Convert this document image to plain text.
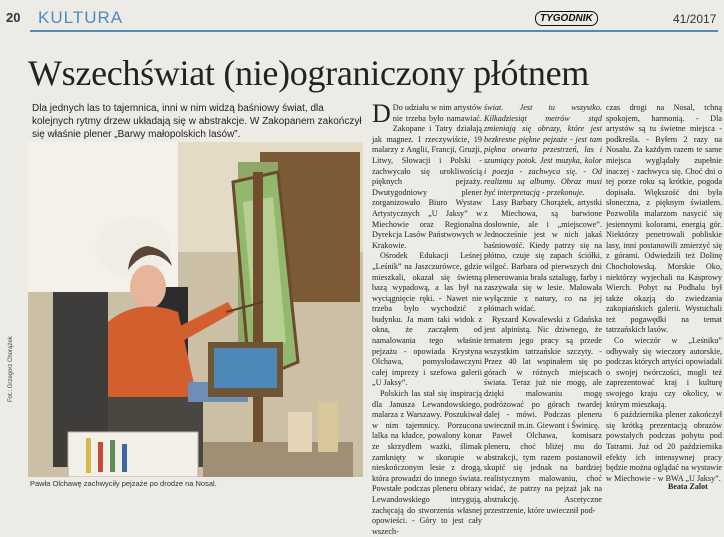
20 KULTURA	TYGODNIK	41/2017
Wszechświat (nie)ograniczony płótnem

Dla jednych las to tajemnica, inni w nim widzą baśniowy świat, dla kolejnych rytmy drzew układają się w abstrakcje. W Zakopanem zakończył się właśnie plener „Barwy małopolskich lasów”.

Fot.: Grzegorz Chorążek
Pawła Olchawę zachwyciły pejzaże po drodze na Nosal.

D Do udziału w nim artystów nie trzeba było namawiać. Zakopane i Tatry działają jak magnez. I rzeczywiście, 19 malarzy z Anglii, Francji, Gruzji, Litwy, Słowacji i Polski - zachwycało się urokliwością pięknych pejzaży. Dwutygodniowy plener zorganizowało Biuro Wystaw Artystycznych „U Jaksy” w Miechowie oraz Regionalna Dyrekcja Lasów Państwowych w Krakowie.

Ośrodek Edukacji Leśnej „Leśnik” na Jaszczurówce, gdzie mieszkali, okazał się świetną bazą wypadową, a las był na wyciągnięcie ręki. - Nawet nie trzeba było wychodzić z budynku. Ja mam taki widok z okna, że zacząłem od namalowania tego właśnie pejzażu - opowiada Krystyna Olchawa, pomysłodawczyni całej imprezy i szefowa galerii „U Jaksy”.

Polskich las stał się inspiracją dla Janusza Lewandowskiego, malarza z Warszawy. Poszukiwał w nim tajemnicy. Porzucona lalka na kładce, powalony konar ze skrzydłem ważki, ślimak zamknięty w skorupie w nieskończonym lesie z drogą, która prowadzi do innego świata. Powstałe podczas pleneru obrazy Lewandowskiego intrygują, zachęcają do stworzenia własnej opowieści. - Góry to jest cały wszech-

świat. Jest tu wszystko. Kilkadziesiąt metrów stąd zmieniają się obrazy, które jest bezkresne piękne pejzaże - jest tam piękna otwarta przestrzeń, las i szumiący potok. Jest muzyka, kolor i poezja - zachwyca się. - Od realizmu są albumy. Obraz musi być interpretacją - przekonuje.

Lasy Barbary Chorążek, artystki z Miechowa, są barwione dosłownie, ale i „miejscowe”. Jednocześnie jest w nich jakaś baśniowość. Kiedy patrzy się na płótno, czuje się zapach ściółki, wilgoć. Barbara od pierwszych dni plenerowania brała sztalugę, farby i zaszywała się w lesie. Malowała wyłącznie z natury, co na jej płótnach widać.

Ryszard Kowalewski z Gdańska jest alpinistą. Nic dziwnego, że tematem jego pracy są przede wszystkim tatrzańskie szczyty. - Przez 40 lat wspinałem się po górach w różnych miejscach świata. Teraz już nie mogę, ale dzięki malowaniu mogę podróżować po górach twardej dalej - mówi. Podczas pleneru uwiecznił m.in. Giewont i Świnicę.

Paweł Olchawa, komisarz pleneru, choć bliżej mu do abstrakcji, tym razem postanowił skupić się jednak na bardziej realistycznym malowaniu, choć widać, że patrzy na pejzaż jak na abstrakcję. Ascetyczne przestrzenie, które uwiecznił pod-

czas drogi na Nosal, tchną spokojem, harmonią. - Dla artystów są tu świetne miejsca - podkreśla. - Byłem 2 razy na Nosalu. Za każdym razem te same miejsca wyglądały zupełnie inaczej - zachwyca się. Choć dni o tej porze roku są krótkie, pogoda dopisała. Większość dni była słoneczna, z pięknym światłem. Pozwoliła malarzom nasycić się jesiennymi kolorami, energią gór. Niektórzy penetrowali pobliskie lasy, inni postanowili zmierzyć się z górami. Odwiedzili też Dolinę Chochołowską. Morskie Oko, niektórzy wyjechali na Kasprowy Wierch. Pobyt na Podhalu był także okazją do zwiedzania zakopiańskich galerii. Wystuchali też pogawędki na temat tatrzańskich lasów.

Co wieczór w „Leśniku” odbywały się wieczory autorskie, podczas których artyści opowiadali o swojej twórczości, mogli też zaprezentować kraj i kulturę swojego kraju czy okolicy, w którym mieszkają.

6 października plener zakończył się krótką prezentacją obrazów powstałych podczas pobytu pod Tatrami. Już od 20 października efekty ich intensywnej pracy będzie można oglądać na wystawie w Miechowie - w BWA „U Jaksy”.

Beata Zalot
